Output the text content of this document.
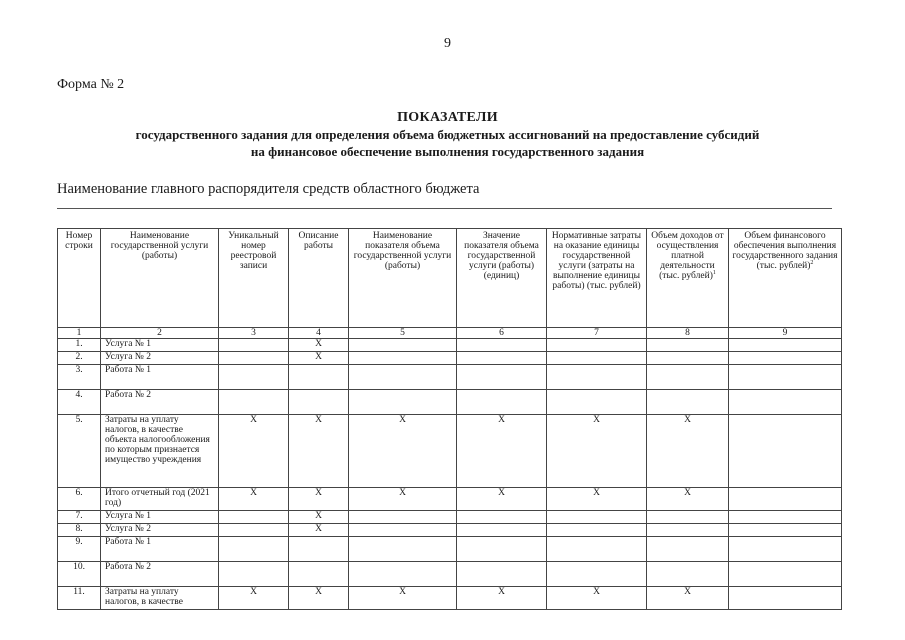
9
Форма № 2
ПОКАЗАТЕЛИ
государственного задания для определения объема бюджетных ассигнований на предоставление субсидий
на финансовое обеспечение выполнения государственного задания
Наименование главного распорядителя средств областного бюджета
Номер строки	Наименование государственной услуги (работы)	Уникальный номер реестровой записи	Описание работы	Наименование показателя объема государственной услуги (работы)	Значение показателя объема государственной услуги (работы) (единиц)	Нормативные затраты на оказание единицы государственной услуги (затраты на выполнение единицы работы) (тыс. рублей)	Объем доходов от осуществления платной деятельности (тыс. рублей)$^1$	Объем финансового обеспечения выполнения государственного задания (тыс. рублей)$^2$
1	2	3	4	5	6	7	8	9
1.	Услуга № 1		X					
2.	Услуга № 2		X					
3.	Работа № 1							
4.	Работа № 2							
5.	Затраты на уплату налогов, в качестве объекта налогообложения по которым признается имущество учреждения	X	X	X	X	X	X	
6.	Итого отчетный год (2021 год)	X	X	X	X	X	X	
7.	Услуга № 1		X					
8.	Услуга № 2		X					
9.	Работа № 1							
10.	Работа № 2							
11.	Затраты на уплату налогов, в качестве	X	X	X	X	X	X	
